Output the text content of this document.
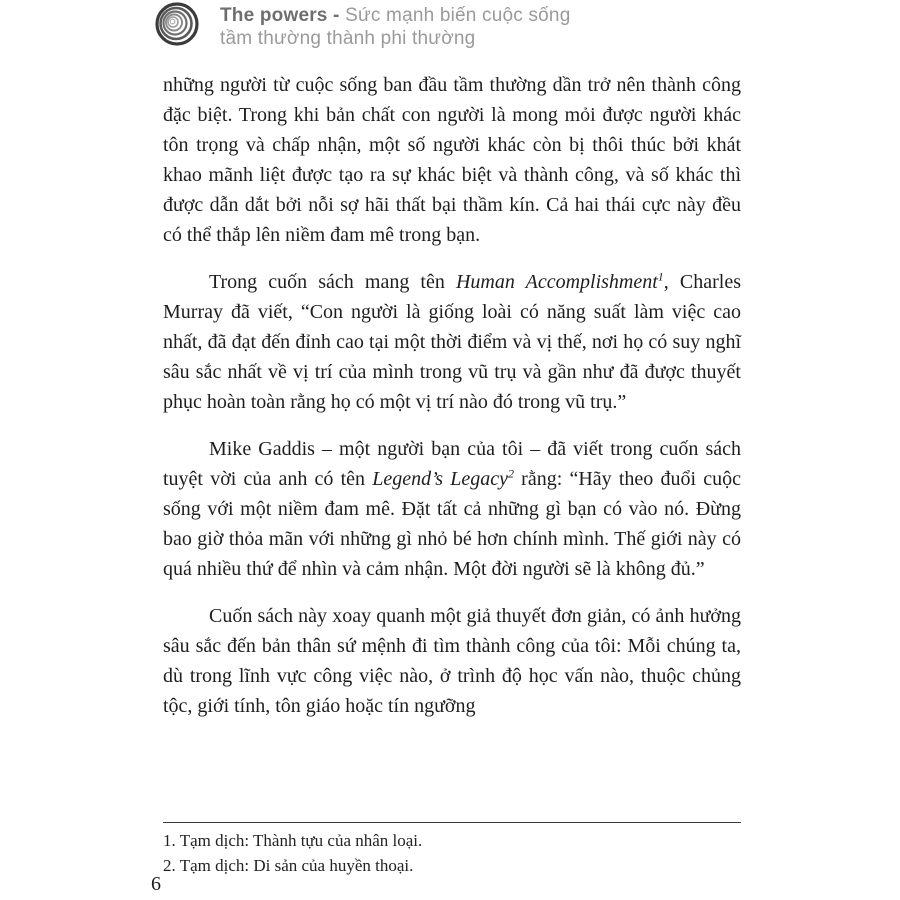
The powers - Sức mạnh biến cuộc sống
tầm thường thành phi thường

những người từ cuộc sống ban đầu tầm thường dần trở nên thành công đặc biệt. Trong khi bản chất con người là mong mỏi được người khác tôn trọng và chấp nhận, một số người khác còn bị thôi thúc bởi khát khao mãnh liệt được tạo ra sự khác biệt và thành công, và số khác thì được dẫn dắt bởi nỗi sợ hãi thất bại thầm kín. Cả hai thái cực này đều có thể thắp lên niềm đam mê trong bạn.

Trong cuốn sách mang tên Human Accomplishment$^1$, Charles Murray đã viết, “Con người là giống loài có năng suất làm việc cao nhất, đã đạt đến đỉnh cao tại một thời điểm và vị thế, nơi họ có suy nghĩ sâu sắc nhất về vị trí của mình trong vũ trụ và gần như đã được thuyết phục hoàn toàn rằng họ có một vị trí nào đó trong vũ trụ.”

Mike Gaddis – một người bạn của tôi – đã viết trong cuốn sách tuyệt vời của anh có tên Legend’s Legacy$^2$ rằng: “Hãy theo đuổi cuộc sống với một niềm đam mê. Đặt tất cả những gì bạn có vào nó. Đừng bao giờ thỏa mãn với những gì nhỏ bé hơn chính mình. Thế giới này có quá nhiều thứ để nhìn và cảm nhận. Một đời người sẽ là không đủ.”

Cuốn sách này xoay quanh một giả thuyết đơn giản, có ảnh hưởng sâu sắc đến bản thân sứ mệnh đi tìm thành công của tôi: Mỗi chúng ta, dù trong lĩnh vực công việc nào, ở trình độ học vấn nào, thuộc chủng tộc, giới tính, tôn giáo hoặc tín ngưỡng

1. Tạm dịch: Thành tựu của nhân loại.
2. Tạm dịch: Di sản của huyền thoại.
6
